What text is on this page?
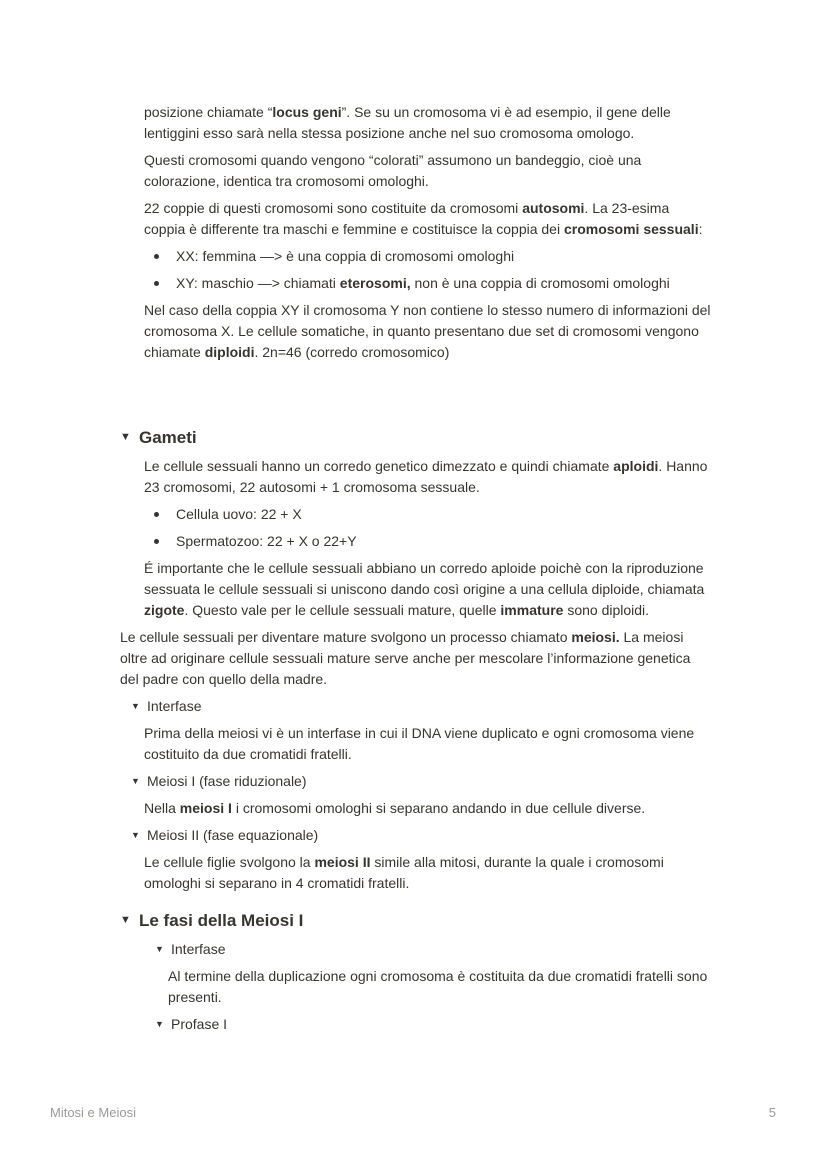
posizione chiamate “locus geni”. Se su un cromosoma vi è ad esempio, il gene delle lentiggini esso sarà nella stessa posizione anche nel suo cromosoma omologo.
Questi cromosomi quando vengono “colorati” assumono un bandeggio, cioè una colorazione, identica tra cromosomi omologhi.
22 coppie di questi cromosomi sono costituite da cromosomi autosomi. La 23-esima coppia è differente tra maschi e femmine e costituisce la coppia dei cromosomi sessuali:
XX: femmina —> è una coppia di cromosomi omologhi
XY: maschio —> chiamati eterosomi, non è una coppia di cromosomi omologhi
Nel caso della coppia XY il cromosoma Y non contiene lo stesso numero di informazioni del cromosoma X. Le cellule somatiche, in quanto presentano due set di cromosomi vengono chiamate diploidi. 2n=46 (corredo cromosomico)
▼ Gameti
Le cellule sessuali hanno un corredo genetico dimezzato e quindi chiamate aploidi. Hanno 23 cromosomi, 22 autosomi + 1 cromosoma sessuale.
Cellula uovo: 22 + X
Spermatozoo: 22 + X o 22+Y
É importante che le cellule sessuali abbiano un corredo aploide poichè con la riproduzione sessuata le cellule sessuali si uniscono dando così origine a una cellula diploide, chiamata zigote. Questo vale per le cellule sessuali mature, quelle immature sono diploidi.
Le cellule sessuali per diventare mature svolgono un processo chiamato meiosi. La meiosi oltre ad originare cellule sessuali mature serve anche per mescolare l’informazione genetica del padre con quello della madre.
▼ Interfase
Prima della meiosi vi è un interfase in cui il DNA viene duplicato e ogni cromosoma viene costituito da due cromatidi fratelli.
▼ Meiosi I (fase riduzionale)
Nella meiosi I i cromosomi omologhi si separano andando in due cellule diverse.
▼ Meiosi II (fase equazionale)
Le cellule figlie svolgono la meiosi II simile alla mitosi, durante la quale i cromosomi omologhi si separano in 4 cromatidi fratelli.
▼ Le fasi della Meiosi I
▼ Interfase
Al termine della duplicazione ogni cromosoma è costituita da due cromatidi fratelli sono presenti.
▼ Profase I
Mitosi e Meiosi	5
